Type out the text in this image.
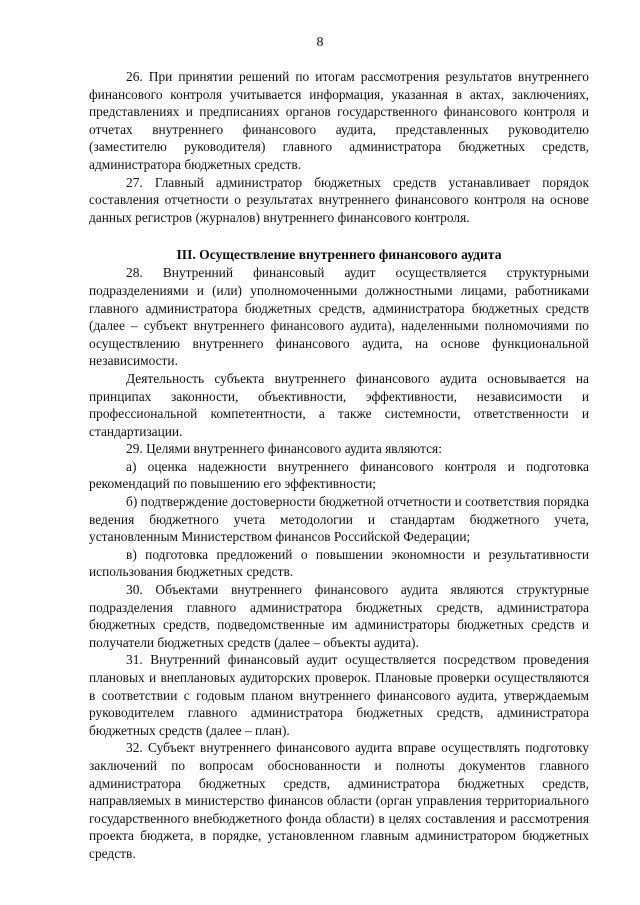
8

26. При принятии решений по итогам рассмотрения результатов внутреннего финансового контроля учитывается информация, указанная в актах, заключениях, представлениях и предписаниях органов государственного финансового контроля и отчетах внутреннего финансового аудита, представленных руководителю (заместителю руководителя) главного администратора бюджетных средств, администратора бюджетных средств.

27. Главный администратор бюджетных средств устанавливает порядок составления отчетности о результатах внутреннего финансового контроля на основе данных регистров (журналов) внутреннего финансового контроля.

III. Осуществление внутреннего финансового аудита

28. Внутренний финансовый аудит осуществляется структурными подразделениями и (или) уполномоченными должностными лицами, работниками главного администратора бюджетных средств, администратора бюджетных средств (далее – субъект внутреннего финансового аудита), наделенными полномочиями по осуществлению внутреннего финансового аудита, на основе функциональной независимости.

Деятельность субъекта внутреннего финансового аудита основывается на принципах законности, объективности, эффективности, независимости и профессиональной компетентности, а также системности, ответственности и стандартизации.

29. Целями внутреннего финансового аудита являются:

а) оценка надежности внутреннего финансового контроля и подготовка рекомендаций по повышению его эффективности;

б) подтверждение достоверности бюджетной отчетности и соответствия порядка ведения бюджетного учета методологии и стандартам бюджетного учета, установленным Министерством финансов Российской Федерации;

в) подготовка предложений о повышении экономности и результативности использования бюджетных средств.

30. Объектами внутреннего финансового аудита являются структурные подразделения главного администратора бюджетных средств, администратора бюджетных средств, подведомственные им администраторы бюджетных средств и получатели бюджетных средств (далее – объекты аудита).

31. Внутренний финансовый аудит осуществляется посредством проведения плановых и внеплановых аудиторских проверок. Плановые проверки осуществляются в соответствии с годовым планом внутреннего финансового аудита, утверждаемым руководителем главного администратора бюджетных средств, администратора бюджетных средств (далее – план).

32. Субъект внутреннего финансового аудита вправе осуществлять подготовку заключений по вопросам обоснованности и полноты документов главного администратора бюджетных средств, администратора бюджетных средств, направляемых в министерство финансов области (орган управления территориального государственного внебюджетного фонда области) в целях составления и рассмотрения проекта бюджета, в порядке, установленном главным администратором бюджетных средств.
